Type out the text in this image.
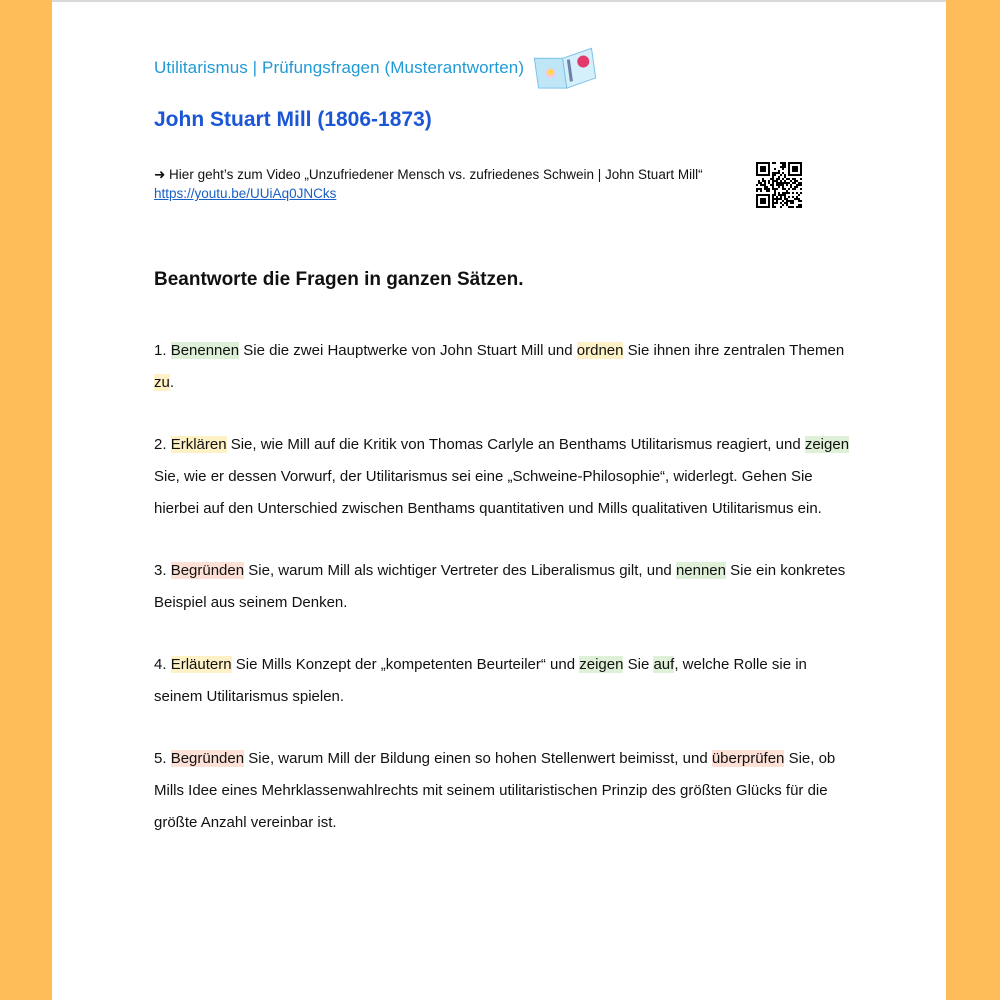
Utilitarismus | Prüfungsfragen (Musterantworten)
John Stuart Mill (1806-1873)
➜ Hier geht’s zum Video „Unzufriedener Mensch vs. zufriedenes Schwein | John Stuart Mill“
https://youtu.be/UUiAq0JNCks
Beantworte die Fragen in ganzen Sätzen.

1. Benennen Sie die zwei Hauptwerke von John Stuart Mill und ordnen Sie ihnen ihre zentralen Themen zu.

2. Erklären Sie, wie Mill auf die Kritik von Thomas Carlyle an Benthams Utilitarismus reagiert, und zeigen Sie, wie er dessen Vorwurf, der Utilitarismus sei eine „Schweine-Philosophie“, widerlegt. Gehen Sie hierbei auf den Unterschied zwischen Benthams quantitativen und Mills qualitativen Utilitarismus ein.

3. Begründen Sie, warum Mill als wichtiger Vertreter des Liberalismus gilt, und nennen Sie ein konkretes Beispiel aus seinem Denken.

4. Erläutern Sie Mills Konzept der „kompetenten Beurteiler“ und zeigen Sie auf, welche Rolle sie in seinem Utilitarismus spielen.

5. Begründen Sie, warum Mill der Bildung einen so hohen Stellenwert beimisst, und überprüfen Sie, ob Mills Idee eines Mehrklassenwahlrechts mit seinem utilitaristischen Prinzip des größten Glücks für die größte Anzahl vereinbar ist.
